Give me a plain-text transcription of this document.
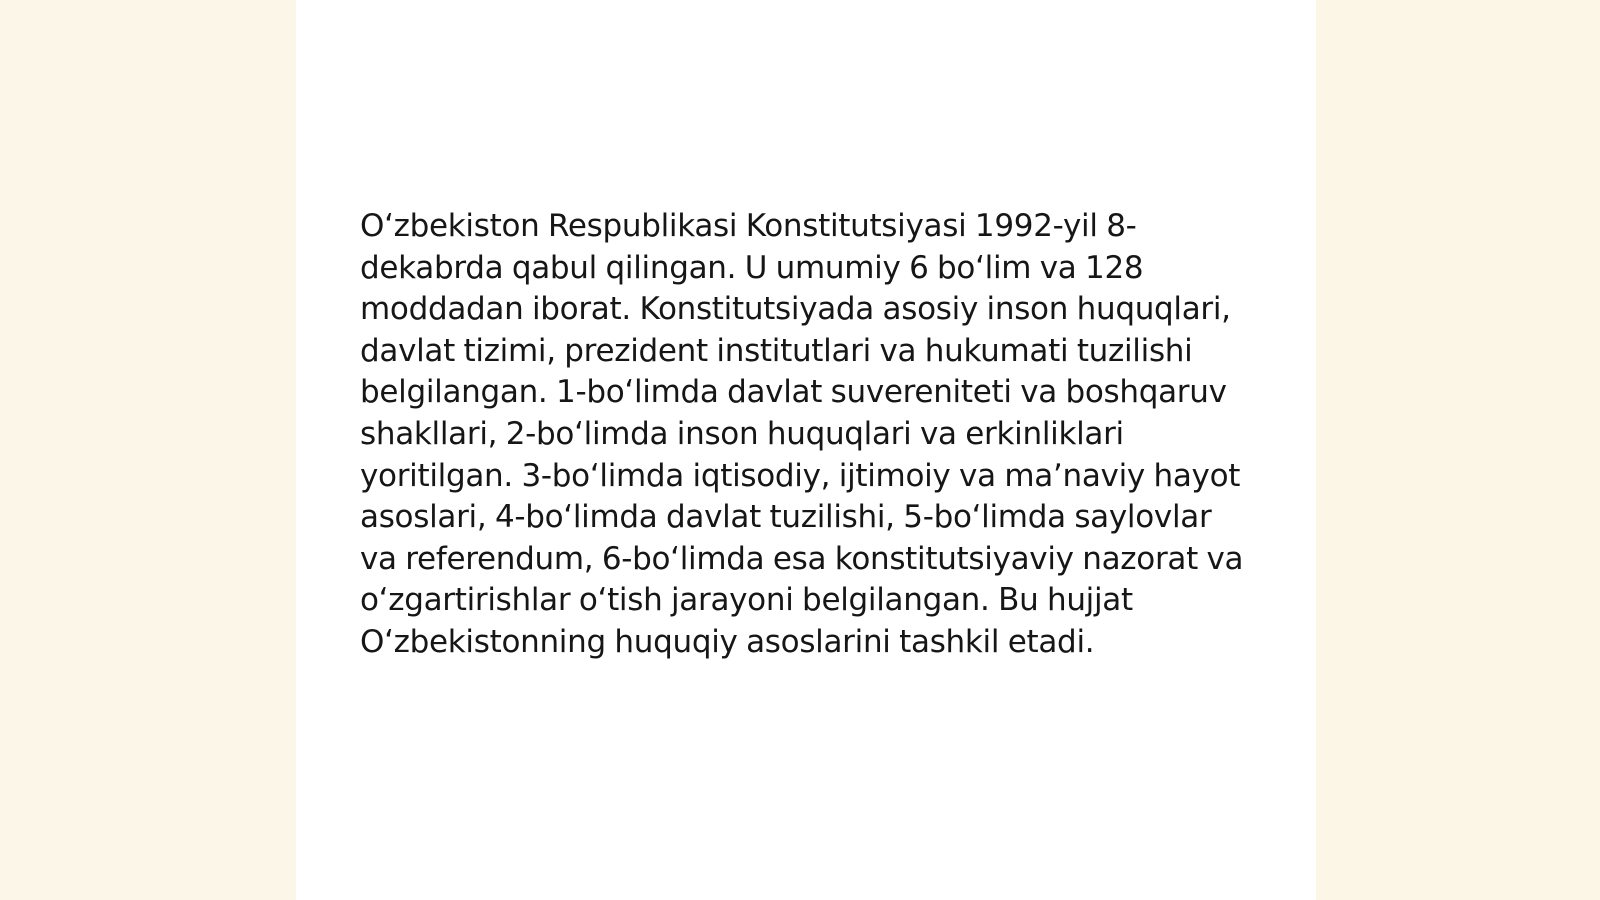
O‘zbekiston Respublikasi Konstitutsiyasi 1992-yil 8-dekabrda qabul qilingan. U umumiy 6 bo‘lim va 128 moddadan iborat. Konstitutsiyada asosiy inson huquqlari, davlat tizimi, prezident institutlari va hukumati tuzilishi belgilangan. 1-bo‘limda davlat suvereniteti va boshqaruv shakllari, 2-bo‘limda inson huquqlari va erkinliklari yoritilgan. 3-bo‘limda iqtisodiy, ijtimoiy va ma’naviy hayot asoslari, 4-bo‘limda davlat tuzilishi, 5-bo‘limda saylovlar va referendum, 6-bo‘limda esa konstitutsiyaviy nazorat va o‘zgartirishlar o‘tish jarayoni belgilangan. Bu hujjat O‘zbekistonning huquqiy asoslarini tashkil etadi.
